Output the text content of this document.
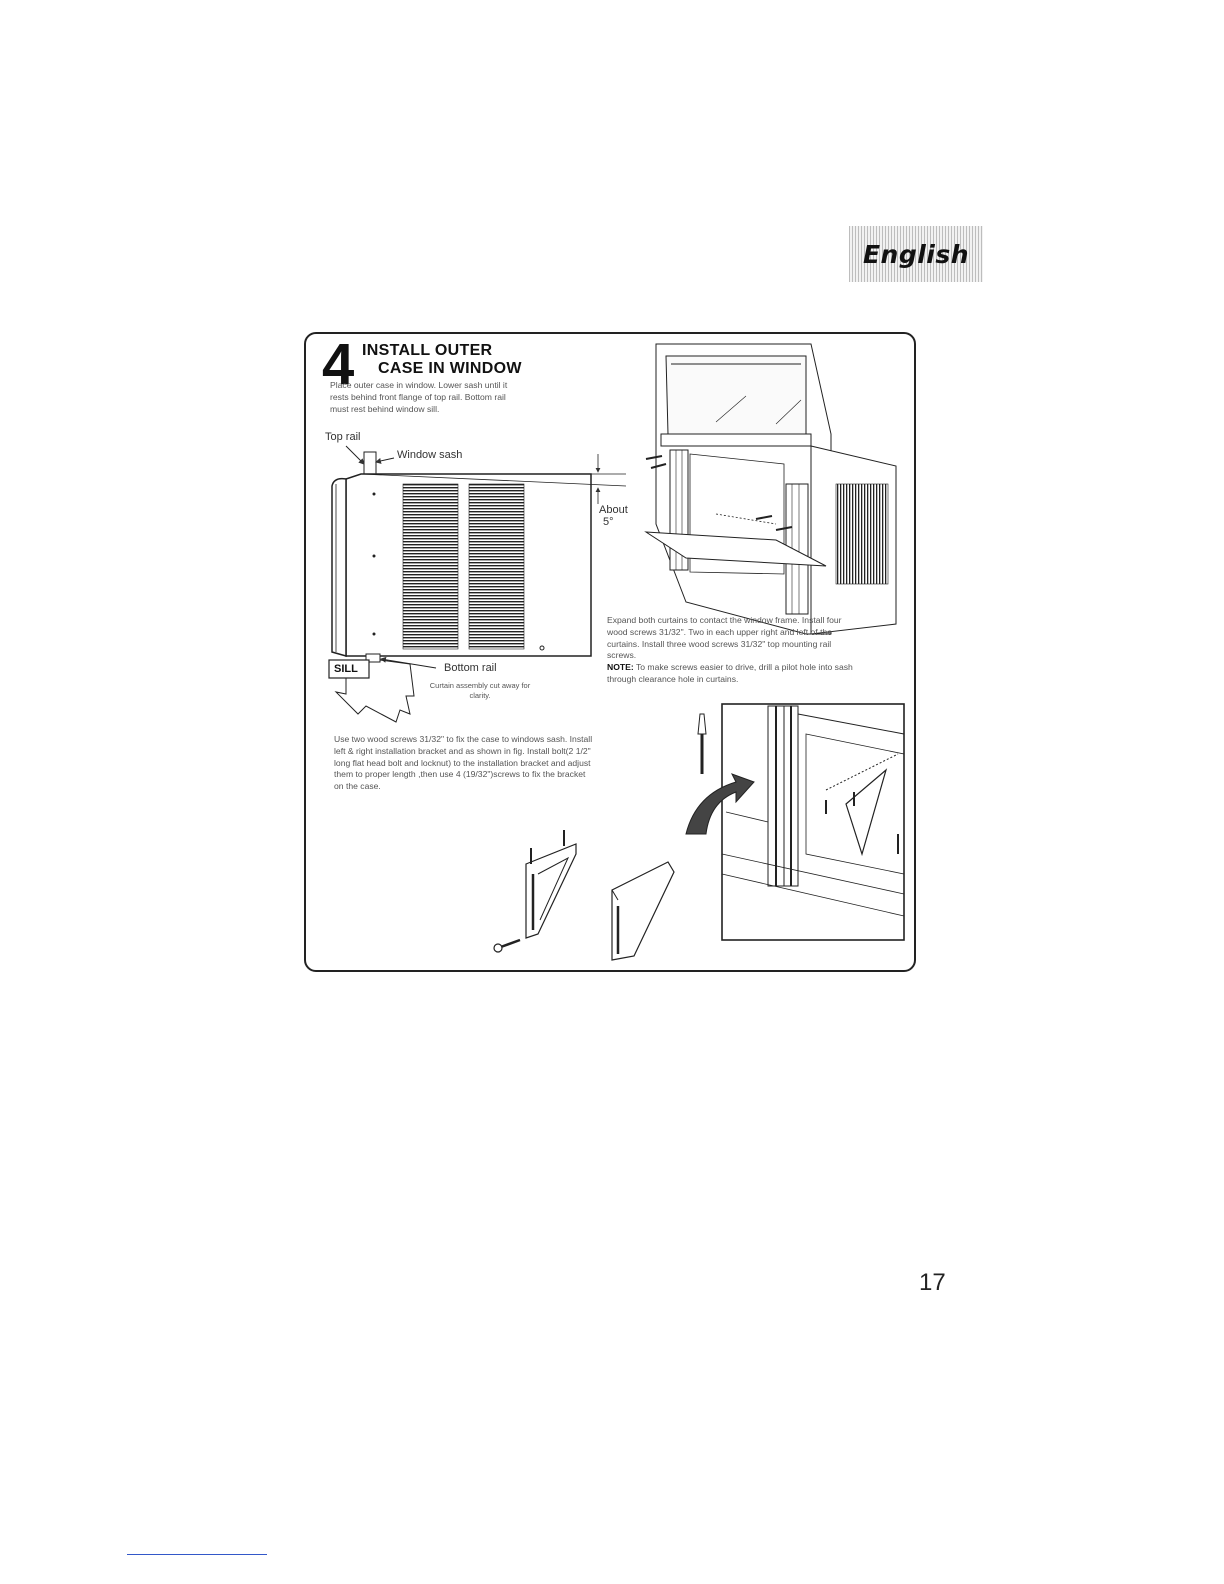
English
4 INSTALL OUTER
CASE IN WINDOW
Place outer case in window. Lower sash until it rests behind front flange of top rail. Bottom rail must rest behind window sill.
Top rail
Window sash
About
5°
SILL	Bottom rail
Curtain assembly cut away for clarity.
Expand both curtains to contact the window frame. Install four wood screws 31/32". Two in each upper right and left of the curtains. Install three wood screws 31/32" top mounting rail screws.
NOTE: To make screws easier to drive, drill a pilot hole into sash through clearance hole in curtains.
Use two wood screws 31/32" to fix the case to windows sash. Install left & right installation bracket and as shown in fig. Install bolt(2 1/2" long flat head bolt and locknut) to the installation bracket and adjust them to proper length ,then use 4 (19/32")screws to fix the bracket on the case.
17
